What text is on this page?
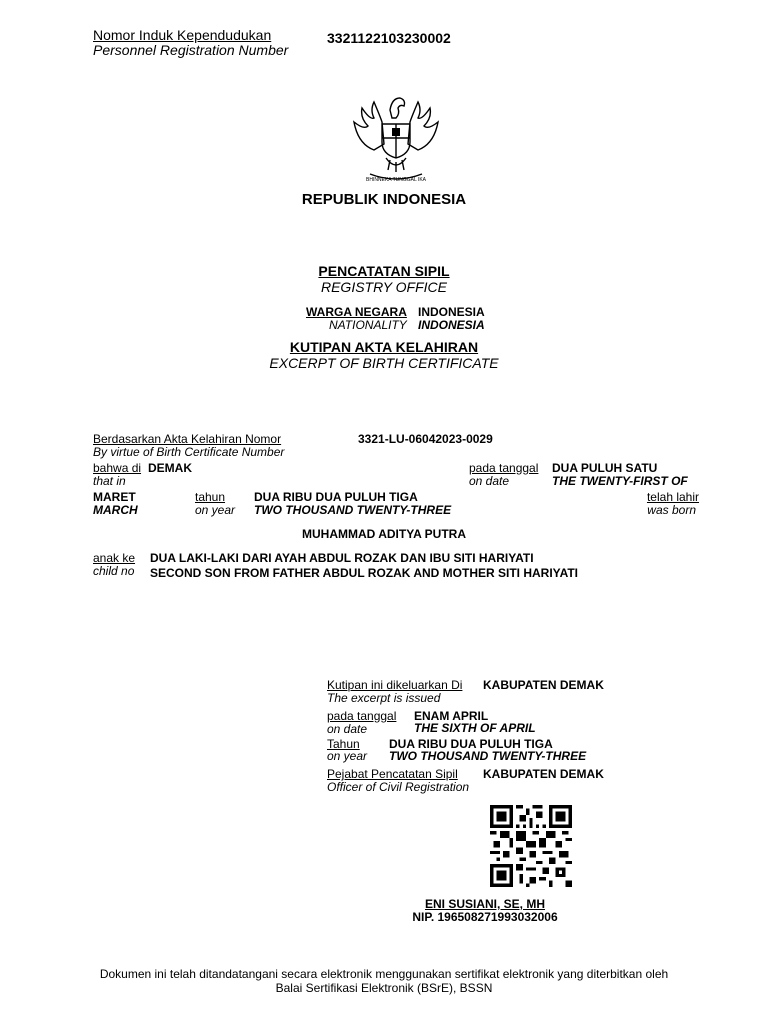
Nomor Induk Kependudukan
Personnel Registration Number
3321122103230002
BHINNEKA TUNGGAL IKA
REPUBLIK INDONESIA
PENCATATAN SIPIL
REGISTRY OFFICE
WARGA NEGARA INDONESIA
NATIONALITY INDONESIA
KUTIPAN AKTA KELAHIRAN
EXCERPT OF BIRTH CERTIFICATE
Berdasarkan Akta Kelahiran Nomor
By virtue of Birth Certificate Number
3321-LU-06042023-0029
bahwa di DEMAK
that in
pada tanggal
on date
DUA PULUH SATU
THE TWENTY-FIRST OF
MARET
MARCH
tahun
on year
DUA RIBU DUA PULUH TIGA
TWO THOUSAND TWENTY-THREE
telah lahir
was born
MUHAMMAD ADITYA PUTRA
anak ke
child no
DUA LAKI-LAKI DARI AYAH ABDUL ROZAK DAN IBU SITI HARIYATI
SECOND SON FROM FATHER ABDUL ROZAK AND MOTHER SITI HARIYATI
Kutipan ini dikeluarkan Di
The excerpt is issued
KABUPATEN DEMAK
pada tanggal
on date
ENAM APRIL
THE SIXTH OF APRIL
Tahun
on year
DUA RIBU DUA PULUH TIGA
TWO THOUSAND TWENTY-THREE
Pejabat Pencatatan Sipil
Officer of Civil Registration
KABUPATEN DEMAK
ENI SUSIANI, SE, MH
NIP. 196508271993032006
Dokumen ini telah ditandatangani secara elektronik menggunakan sertifikat elektronik yang diterbitkan oleh
Balai Sertifikasi Elektronik (BSrE), BSSN
